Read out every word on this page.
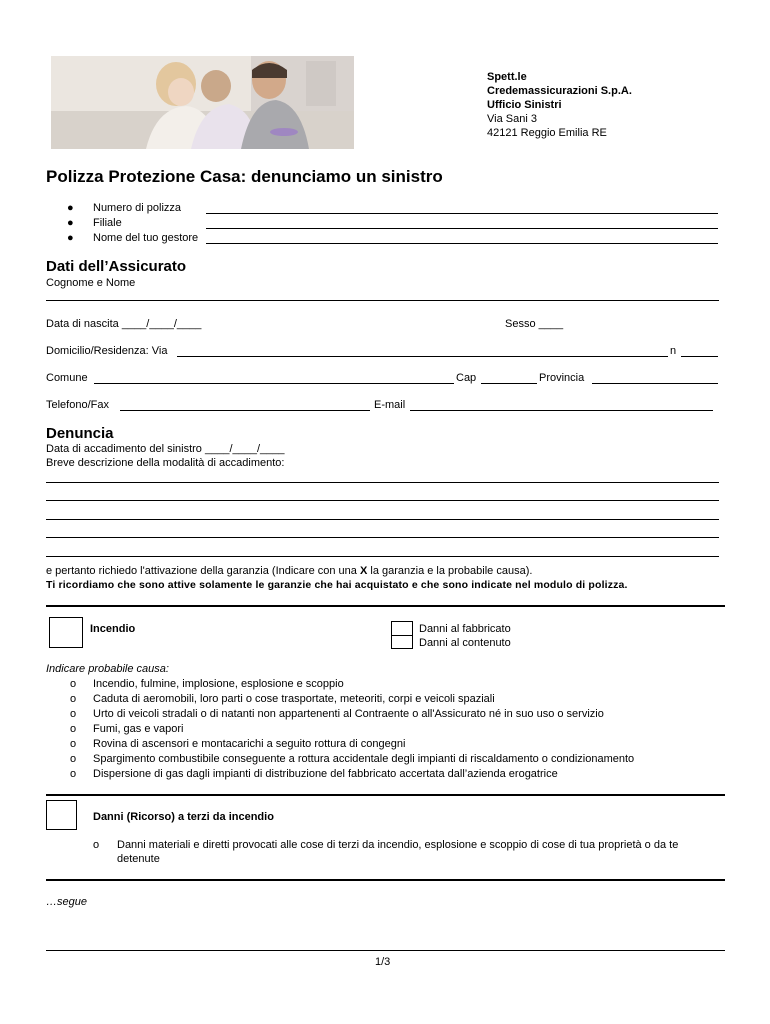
Spett.le
Credemassicurazioni S.p.A.
Ufficio Sinistri
Via Sani 3
42121 Reggio Emilia RE
Polizza Protezione Casa: denunciamo un sinistro
● Numero di polizza
● Filiale
● Nome del tuo gestore
Dati dell’Assicurato
Cognome e Nome
Data di nascita ____/____/____	Sesso ____
Domicilio/Residenza: Via	n
Comune	Cap	Provincia
Telefono/Fax	E-mail
Denuncia
Data di accadimento del sinistro ____/____/____
Breve descrizione della modalità di accadimento:
e pertanto richiedo l'attivazione della garanzia (Indicare con una X la garanzia e la probabile causa).
Ti ricordiamo che sono attive solamente le garanzie che hai acquistato e che sono indicate nel modulo di polizza.
Incendio	Danni al fabbricato
Danni al contenuto
Indicare probabile causa:
o Incendio, fulmine, implosione, esplosione e scoppio
o Caduta di aeromobili, loro parti o cose trasportate, meteoriti, corpi e veicoli spaziali
o Urto di veicoli stradali o di natanti non appartenenti al Contraente o all'Assicurato né in suo uso o servizio
o Fumi, gas e vapori
o Rovina di ascensori e montacarichi a seguito rottura di congegni
o Spargimento combustibile conseguente a rottura accidentale degli impianti di riscaldamento o condizionamento
o Dispersione di gas dagli impianti di distribuzione del fabbricato accertata dall’azienda erogatrice
Danni (Ricorso) a terzi da incendio
o Danni materiali e diretti provocati alle cose di terzi da incendio, esplosione e scoppio di cose di tua proprietà o da te
detenute
…segue
1/3
